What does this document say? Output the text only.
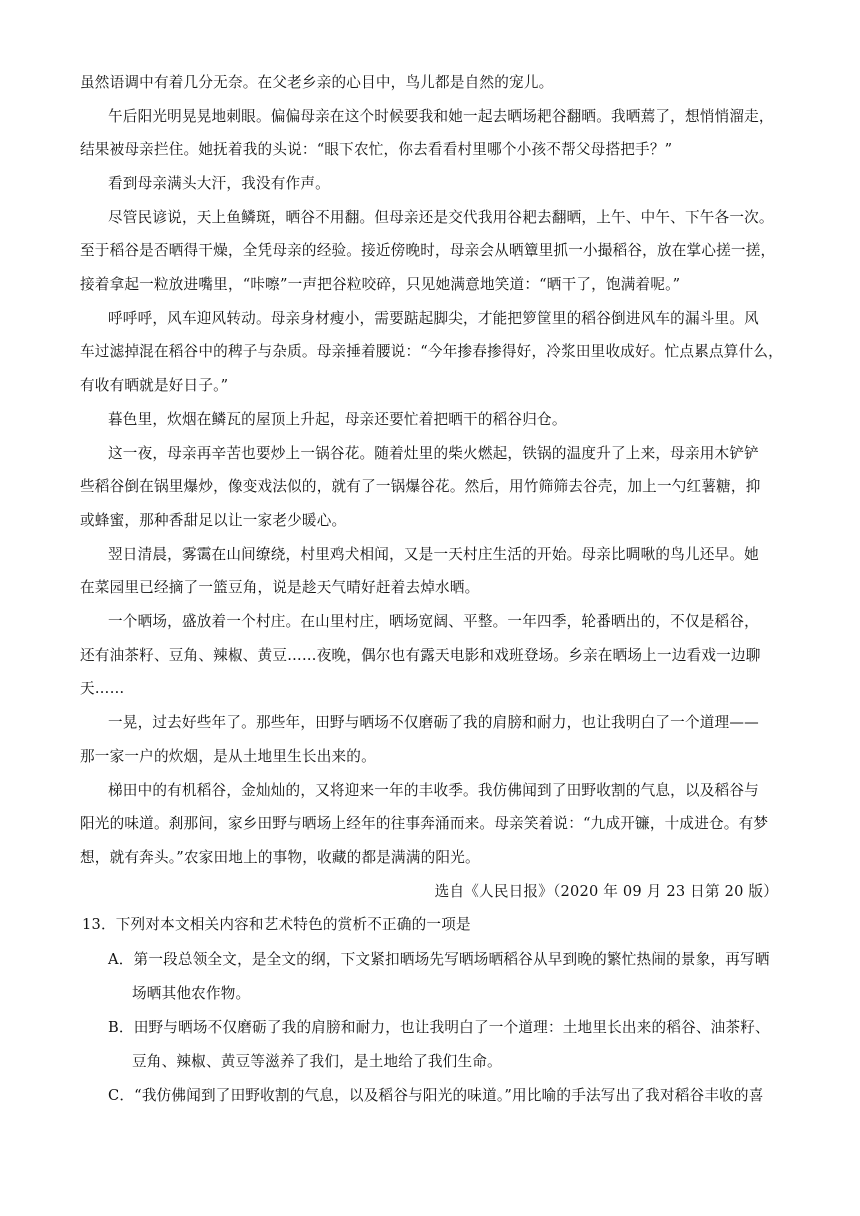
虽然语调中有着几分无奈。在父老乡亲的心目中，鸟儿都是自然的宠儿。
午后阳光明晃晃地刺眼。偏偏母亲在这个时候要我和她一起去晒场耙谷翻晒。我晒蔫了，想悄悄溜走，
结果被母亲拦住。她抚着我的头说：“眼下农忙，你去看看村里哪个小孩不帮父母搭把手？”
看到母亲满头大汗，我没有作声。
尽管民谚说，天上鱼鳞斑，晒谷不用翻。但母亲还是交代我用谷耙去翻晒，上午、中午、下午各一次。
至于稻谷是否晒得干燥，全凭母亲的经验。接近傍晚时，母亲会从晒簟里抓一小撮稻谷，放在掌心搓一搓，
接着拿起一粒放进嘴里，“咔嚓”一声把谷粒咬碎，只见她满意地笑道：“晒干了，饱满着呢。”
呼呼呼，风车迎风转动。母亲身材瘦小，需要踮起脚尖，才能把箩筐里的稻谷倒进风车的漏斗里。风
车过滤掉混在稻谷中的稗子与杂质。母亲捶着腰说：“今年掺春掺得好，冷浆田里收成好。忙点累点算什么，
有收有晒就是好日子。”
暮色里，炊烟在鳞瓦的屋顶上升起，母亲还要忙着把晒干的稻谷归仓。
这一夜，母亲再辛苦也要炒上一锅谷花。随着灶里的柴火燃起，铁锅的温度升了上来，母亲用木铲铲
些稻谷倒在锅里爆炒，像变戏法似的，就有了一锅爆谷花。然后，用竹筛筛去谷壳，加上一勺红薯糖，抑
或蜂蜜，那种香甜足以让一家老少暖心。
翌日清晨，雾霭在山间缭绕，村里鸡犬相闻，又是一天村庄生活的开始。母亲比啁啾的鸟儿还早。她
在菜园里已经摘了一篮豆角，说是趁天气晴好赶着去焯水晒。
一个晒场，盛放着一个村庄。在山里村庄，晒场宽阔、平整。一年四季，轮番晒出的，不仅是稻谷，
还有油茶籽、豆角、辣椒、黄豆……夜晚，偶尔也有露天电影和戏班登场。乡亲在晒场上一边看戏一边聊
天……
一晃，过去好些年了。那些年，田野与晒场不仅磨砺了我的肩膀和耐力，也让我明白了一个道理——
那一家一户的炊烟，是从土地里生长出来的。
梯田中的有机稻谷，金灿灿的，又将迎来一年的丰收季。我仿佛闻到了田野收割的气息，以及稻谷与
阳光的味道。刹那间，家乡田野与晒场上经年的往事奔涌而来。母亲笑着说：“九成开镰，十成进仓。有梦
想，就有奔头。”农家田地上的事物，收藏的都是满满的阳光。
选自《人民日报》（2020 年 09 月 23 日第 20 版）
13．下列对本文相关内容和艺术特色的赏析不正确的一项是
A．第一段总领全文，是全文的纲，下文紧扣晒场先写晒场晒稻谷从早到晚的繁忙热闹的景象，再写晒
场晒其他农作物。
B．田野与晒场不仅磨砺了我的肩膀和耐力，也让我明白了一个道理：土地里长出来的稻谷、油茶籽、
豆角、辣椒、黄豆等滋养了我们，是土地给了我们生命。
C．“我仿佛闻到了田野收割的气息，以及稻谷与阳光的味道。”用比喻的手法写出了我对稻谷丰收的喜
